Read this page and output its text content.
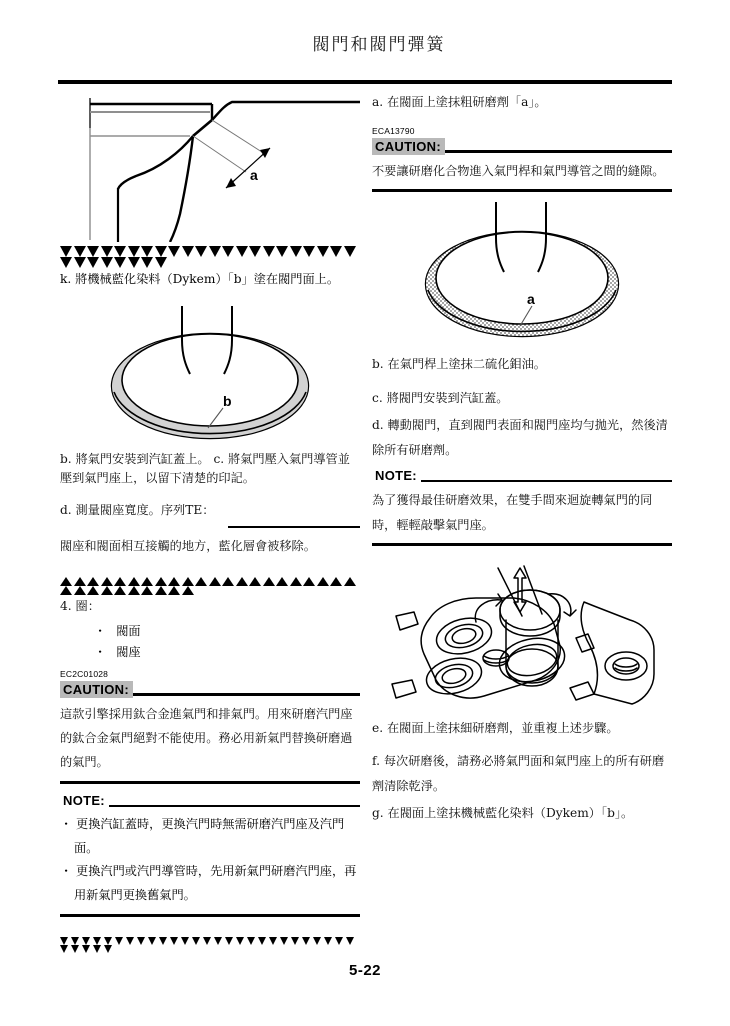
閥門和閥門彈簧
a

k. 將機械藍化染料（Dykem）「b」塗在閥門面上。
b
b. 將氣門安裝到汽缸蓋上。 c. 將氣門壓入氣門導管並壓到氣門座上，以留下清楚的印記。
d. 測量閥座寬度。序列TE：
閥座和閥面相互接觸的地方，藍化層會被移除。

4. 圈：
・ 閥面
・ 閥座
EC2C01028
CAUTION:
這款引擎採用鈦合金進氣門和排氣門。用來研磨汽門座的鈦合金氣門絕對不能使用。務必用新氣門替換研磨過的氣門。
NOTE:
・ 更換汽缸蓋時，更換汽門時無需研磨汽門座及汽門面。
・ 更換汽門或汽門導管時，先用新氣門研磨汽門座，再用新氣門更換舊氣門。

a. 在閥面上塗抹粗研磨劑「a」。
ECA13790
CAUTION:
不要讓研磨化合物進入氣門桿和氣門導管之間的縫隙。
a
b. 在氣門桿上塗抹二硫化鉬油。
c. 將閥門安裝到汽缸蓋。
d. 轉動閥門，直到閥門表面和閥門座均勻拋光，然後清除所有研磨劑。
NOTE:
為了獲得最佳研磨效果，在雙手間來迴旋轉氣門的同時，輕輕敲擊氣門座。
e. 在閥面上塗抹細研磨劑，並重複上述步驟。
f. 每次研磨後，請務必將氣門面和氣門座上的所有研磨劑清除乾淨。
g. 在閥面上塗抹機械藍化染料（Dykem）「b」。
5-22
